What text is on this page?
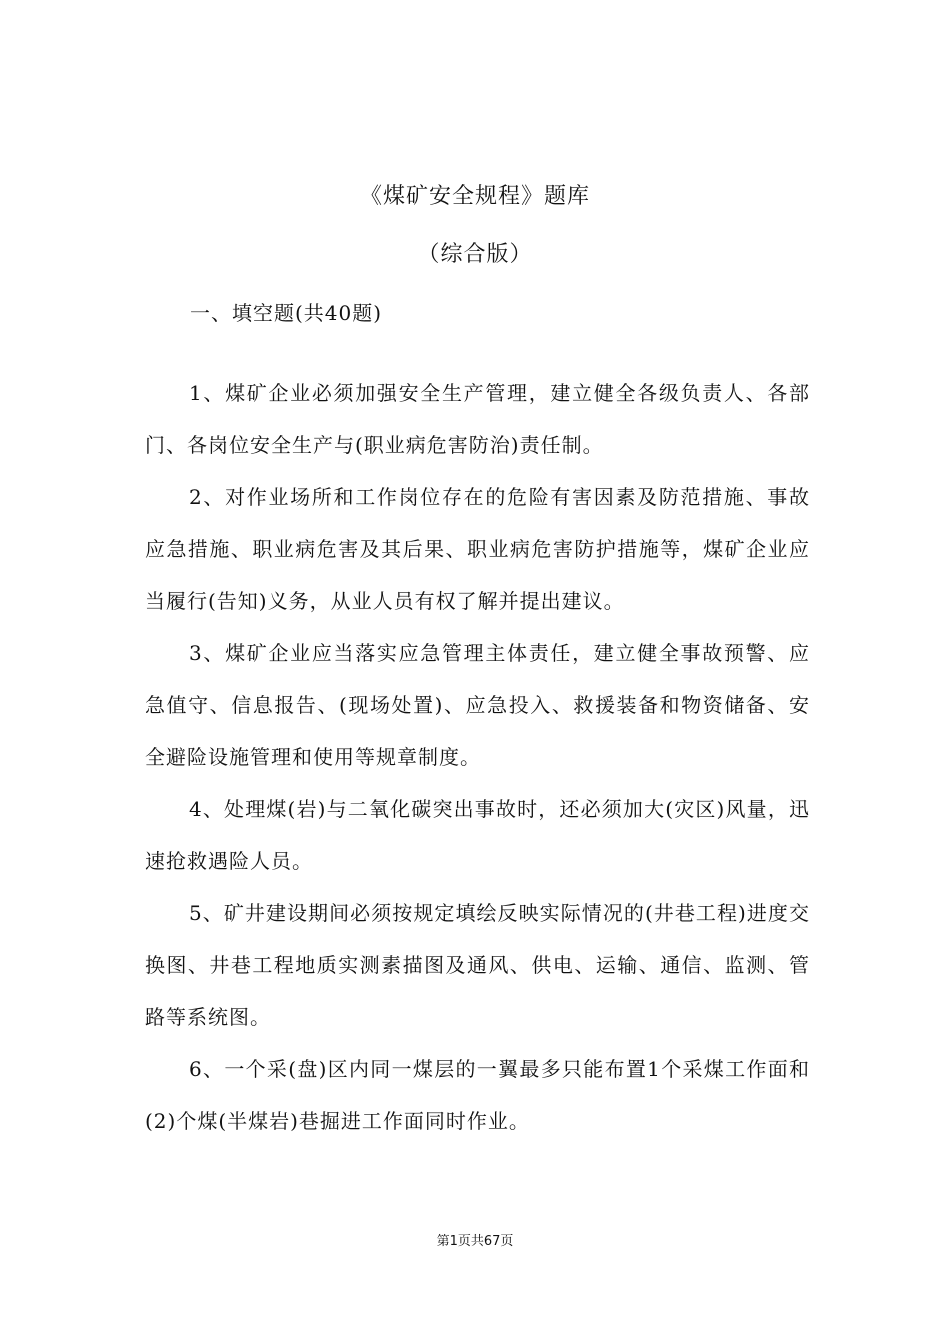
《煤矿安全规程》题库
（综合版）
一、填空题(共40题)

1、煤矿企业必须加强安全生产管理，建立健全各级负责人、各部门、各岗位安全生产与(职业病危害防治)责任制。

2、对作业场所和工作岗位存在的危险有害因素及防范措施、事故应急措施、职业病危害及其后果、职业病危害防护措施等，煤矿企业应当履行(告知)义务，从业人员有权了解并提出建议。

3、煤矿企业应当落实应急管理主体责任，建立健全事故预警、应急值守、信息报告、(现场处置)、应急投入、救援装备和物资储备、安全避险设施管理和使用等规章制度。

4、处理煤(岩)与二氧化碳突出事故时，还必须加大(灾区)风量，迅速抢救遇险人员。

5、矿井建设期间必须按规定填绘反映实际情况的(井巷工程)进度交换图、井巷工程地质实测素描图及通风、供电、运输、通信、监测、管路等系统图。

6、一个采(盘)区内同一煤层的一翼最多只能布置1个采煤工作面和(2)个煤(半煤岩)巷掘进工作面同时作业。

第1页共67页
